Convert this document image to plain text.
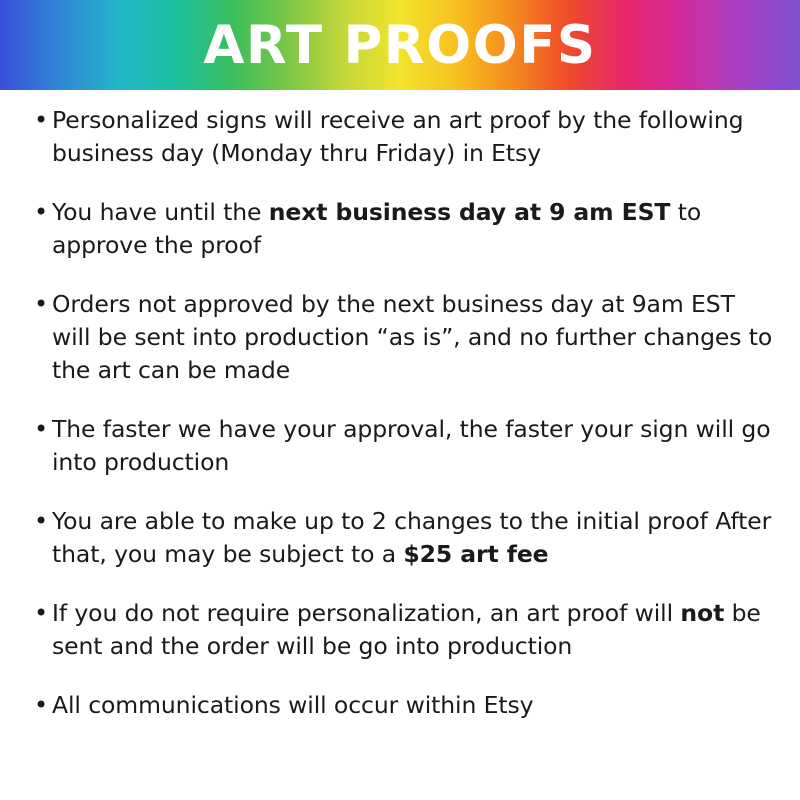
ART PROOFS
• Personalized signs will receive an art proof by the following business day (Monday thru Friday) in Etsy
• You have until the next business day at 9 am EST to approve the proof
• Orders not approved by the next business day at 9am EST will be sent into production “as is”, and no further changes to the art can be made
• The faster we have your approval, the faster your sign will go into production
• You are able to make up to 2 changes to the initial proof After that, you may be subject to a $25 art fee
• If you do not require personalization, an art proof will not be sent and the order will be go into production
• All communications will occur within Etsy
